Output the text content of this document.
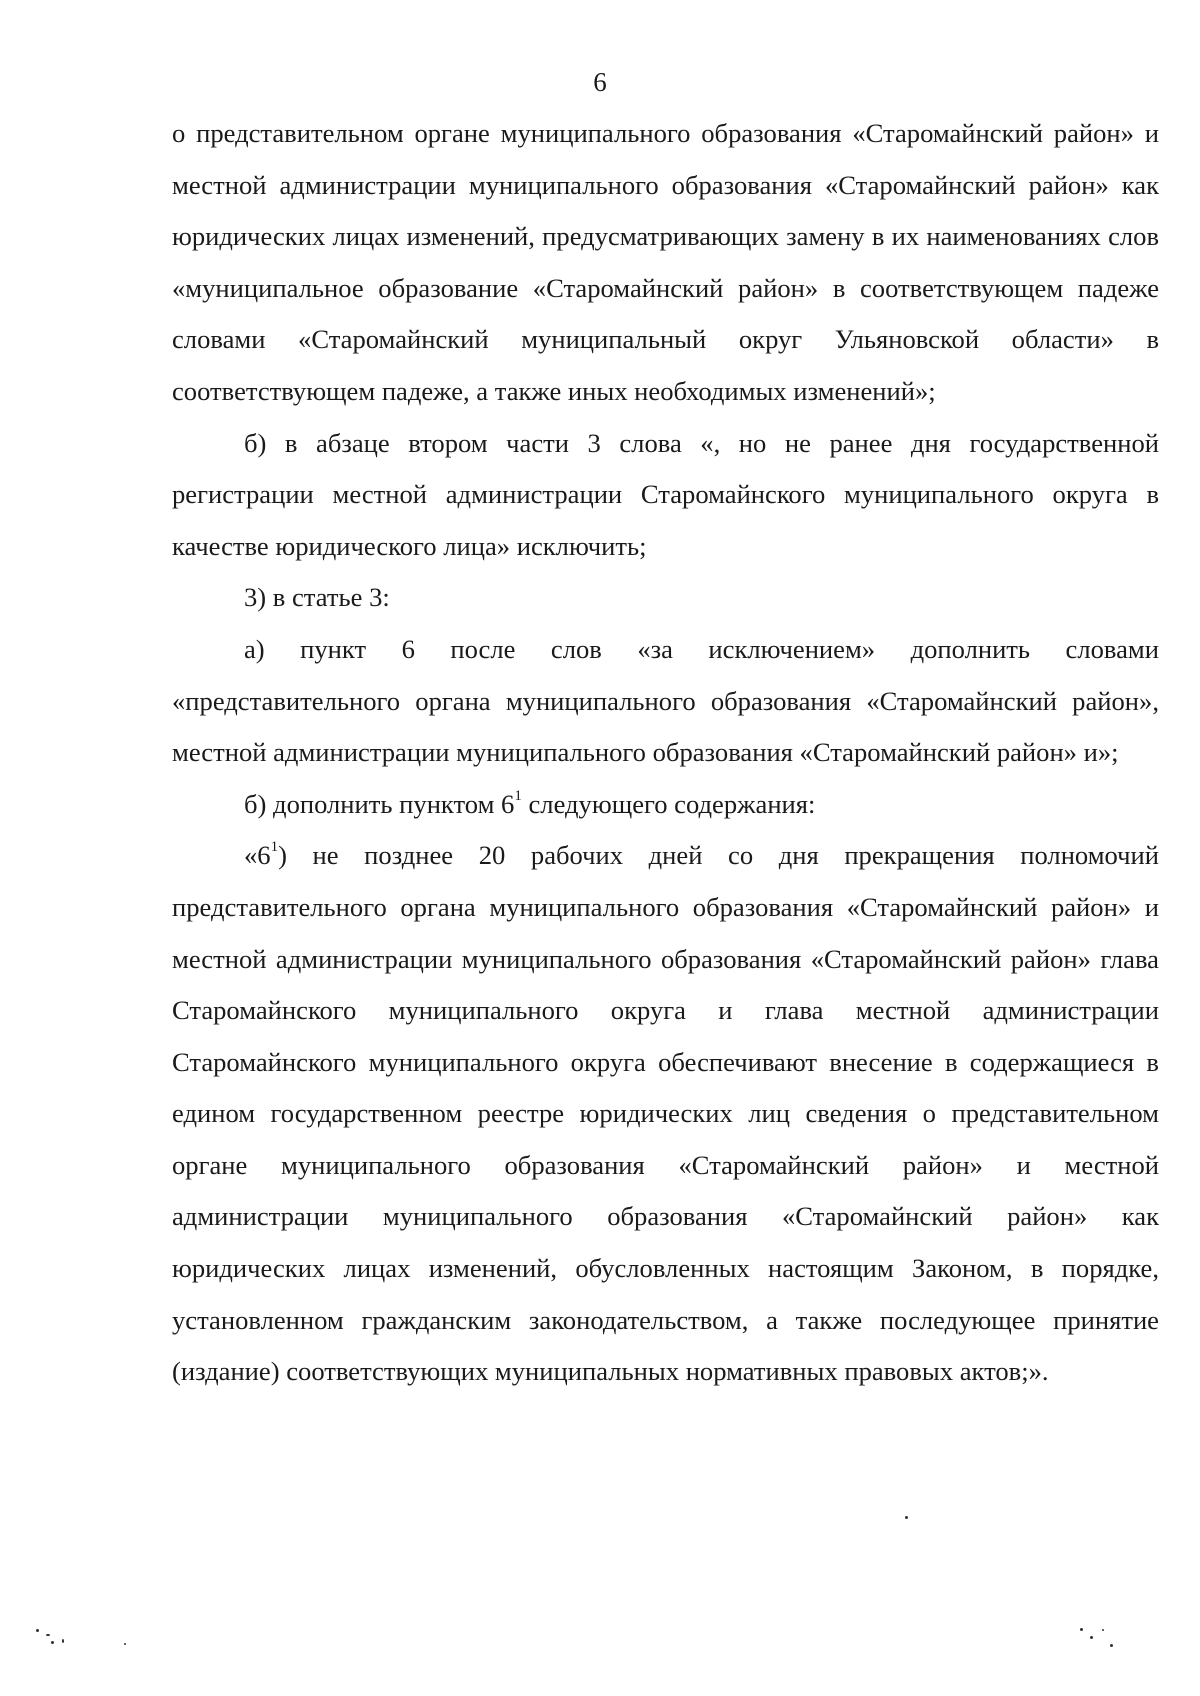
6

о представительном органе муниципального образования «Старомайнский район» и местной администрации муниципального образования «Старомайнский район» как юридических лицах изменений, предусматривающих замену в их наименованиях слов «муниципальное образование «Старомайнский район» в соответствующем падеже словами «Старомайнский муниципальный округ Ульяновской области» в соответствующем падеже, а также иных необходимых изменений»;

б) в абзаце втором части 3 слова «, но не ранее дня государственной регистрации местной администрации Старомайнского муниципального округа в качестве юридического лица» исключить;

3) в статье 3:

а) пункт 6 после слов «за исключением» дополнить словами «представительного органа муниципального образования «Старомайнский район», местной администрации муниципального образования «Старомайнский район» и»;

б) дополнить пунктом $6^1$ следующего содержания:

«$6^1$) не позднее 20 рабочих дней со дня прекращения полномочий представительного органа муниципального образования «Старомайнский район» и местной администрации муниципального образования «Старомайнский район» глава Старомайнского муниципального округа и глава местной администрации Старомайнского муниципального округа обеспечивают внесение в содержащиеся в едином государственном реестре юридических лиц сведения о представительном органе муниципального образования «Старомайнский район» и местной администрации муниципального образования «Старомайнский район» как юридических лицах изменений, обусловленных настоящим Законом, в порядке, установленном гражданским законодательством, а также последующее принятие (издание) соответствующих муниципальных нормативных правовых актов;».
